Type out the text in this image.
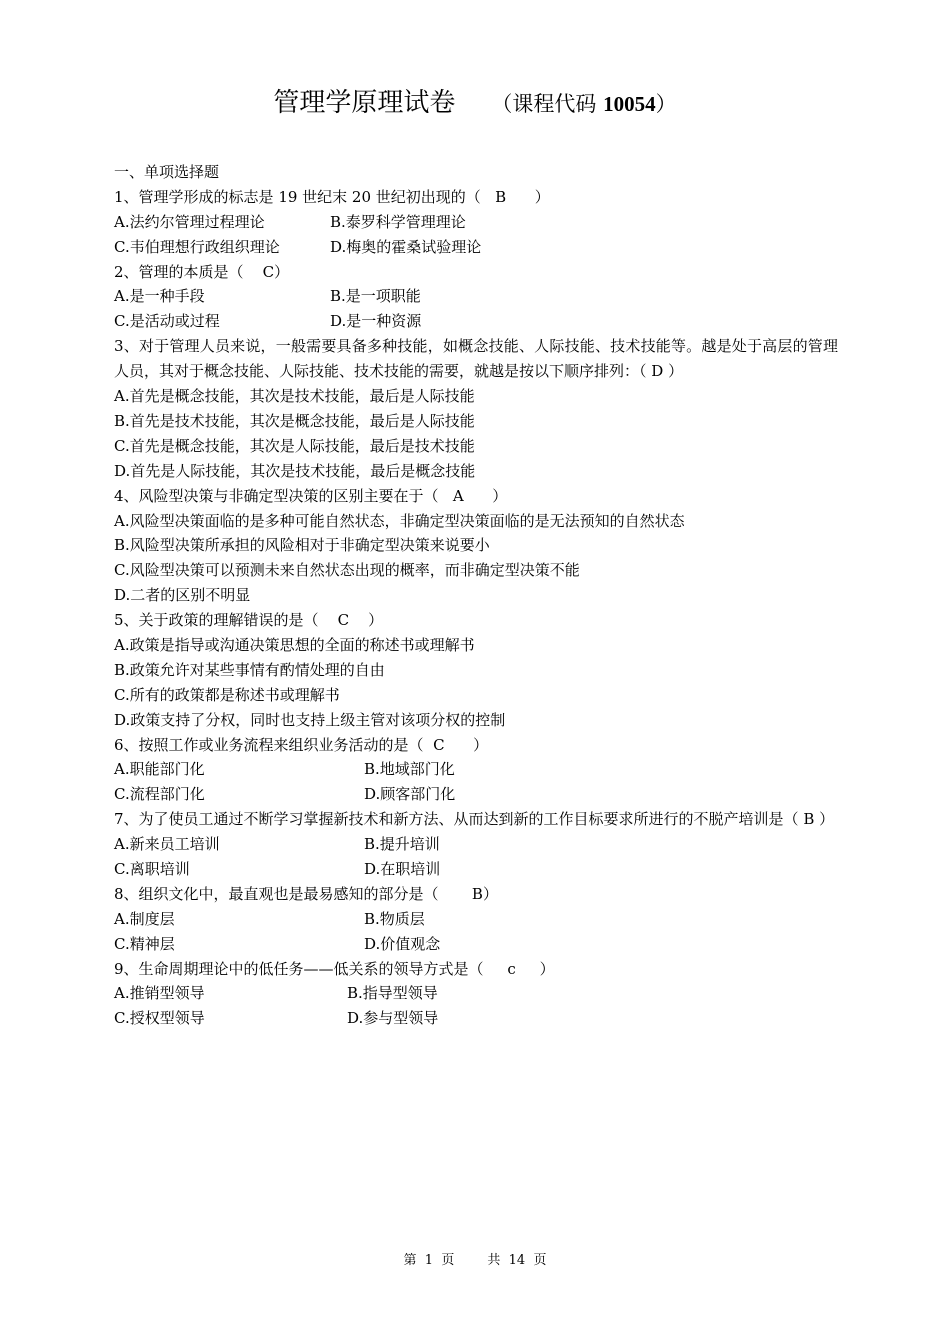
管理学原理试卷 （课程代码 10054）
一、单项选择题
1、管理学形成的标志是 19 世纪末 20 世纪初出现的（   B      ）
A.法约尔管理过程理论	B.泰罗科学管理理论
C.韦伯理想行政组织理论	D.梅奥的霍桑试验理论
2、管理的本质是（    C）
A.是一种手段	B.是一项职能
C.是活动或过程	D.是一种资源
3、对于管理人员来说，一般需要具备多种技能，如概念技能、人际技能、技术技能等。越是处于高层的管理人员，其对于概念技能、人际技能、技术技能的需要，就越是按以下顺序排列：（ D ）
A.首先是概念技能，其次是技术技能，最后是人际技能
B.首先是技术技能，其次是概念技能，最后是人际技能
C.首先是概念技能，其次是人际技能，最后是技术技能
D.首先是人际技能，其次是技术技能，最后是概念技能
4、风险型决策与非确定型决策的区别主要在于（   A      ）
A.风险型决策面临的是多种可能自然状态，非确定型决策面临的是无法预知的自然状态
B.风险型决策所承担的风险相对于非确定型决策来说要小
C.风险型决策可以预测未来自然状态出现的概率，而非确定型决策不能
D.二者的区别不明显
5、关于政策的理解错误的是（    C    ）
A.政策是指导或沟通决策思想的全面的称述书或理解书
B.政策允许对某些事情有酌情处理的自由
C.所有的政策都是称述书或理解书
D.政策支持了分权，同时也支持上级主管对该项分权的控制
6、按照工作或业务流程来组织业务活动的是（  C      ）
A.职能部门化	B.地域部门化
C.流程部门化	D.顾客部门化
7、为了使员工通过不断学习掌握新技术和新方法、从而达到新的工作目标要求所进行的不脱产培训是（ B ）
A.新来员工培训	B.提升培训
C.离职培训	D.在职培训
8、组织文化中，最直观也是最易感知的部分是（       B）
A.制度层	B.物质层
C.精神层	D.价值观念
9、生命周期理论中的低任务——低关系的领导方式是（     c     ）
A.推销型领导	B.指导型领导
C.授权型领导	D.参与型领导
第  1  页	共  14  页
